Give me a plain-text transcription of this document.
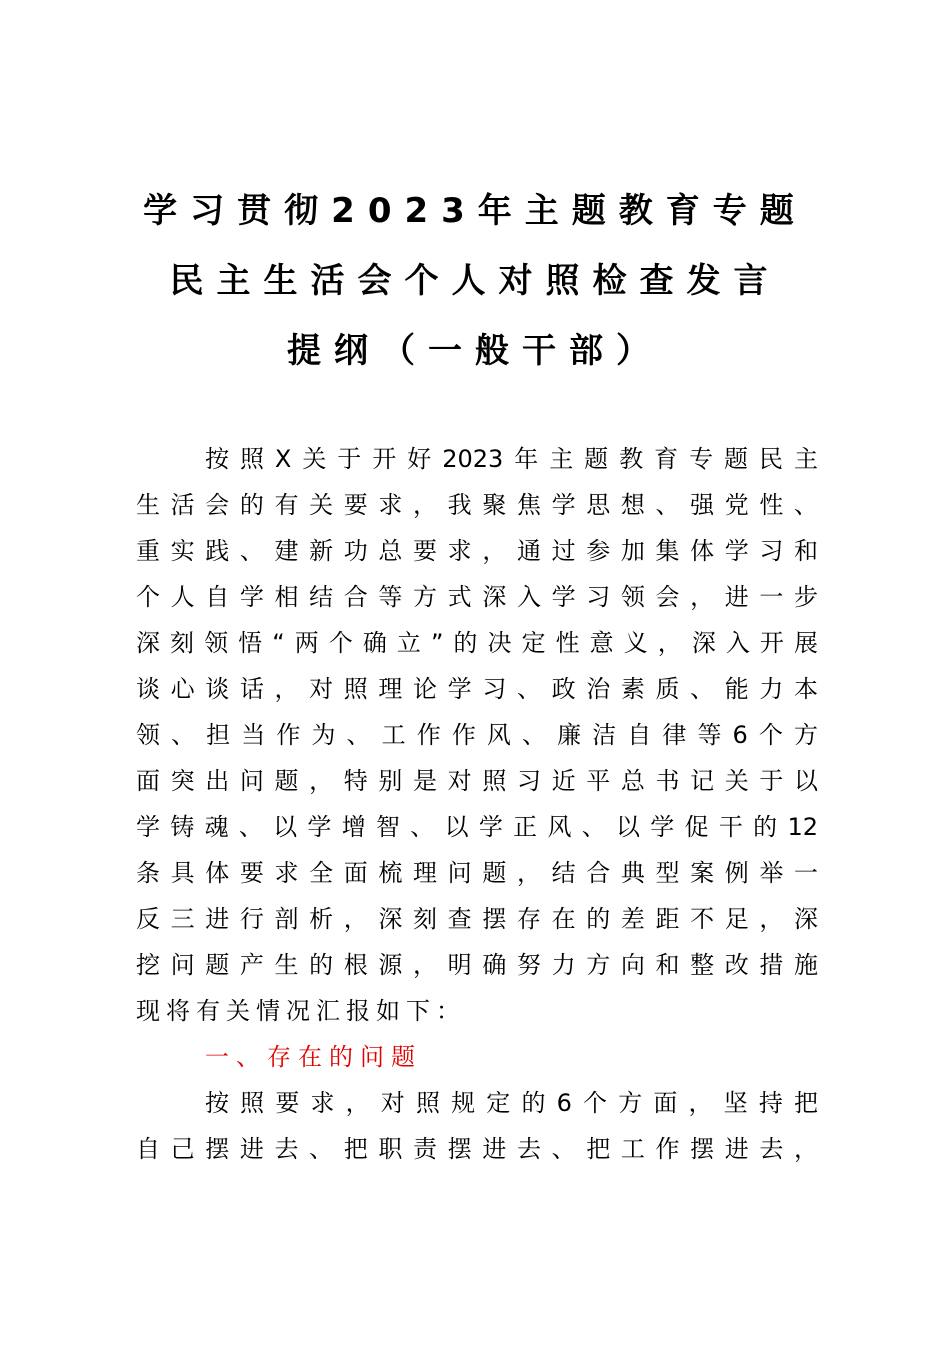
学习贯彻2023年主题教育专题
民主生活会个人对照检查发言
提纲（一般干部）
按照X关于开好2023年主题教育专题民主
生活会的有关要求，我聚焦学思想、强党性、
重实践、建新功总要求，通过参加集体学习和
个人自学相结合等方式深入学习领会，进一步
深刻领悟“两个确立”的决定性意义，深入开展
谈心谈话，对照理论学习、政治素质、能力本
领、担当作为、工作作风、廉洁自律等6个方
面突出问题，特别是对照习近平总书记关于以
学铸魂、以学增智、以学正风、以学促干的12
条具体要求全面梳理问题，结合典型案例举一
反三进行剖析，深刻查摆存在的差距不足，深
挖问题产生的根源，明确努力方向和整改措施
现将有关情况汇报如下：
一、存在的问题
按照要求，对照规定的6个方面，坚持把
自己摆进去、把职责摆进去、把工作摆进去，
